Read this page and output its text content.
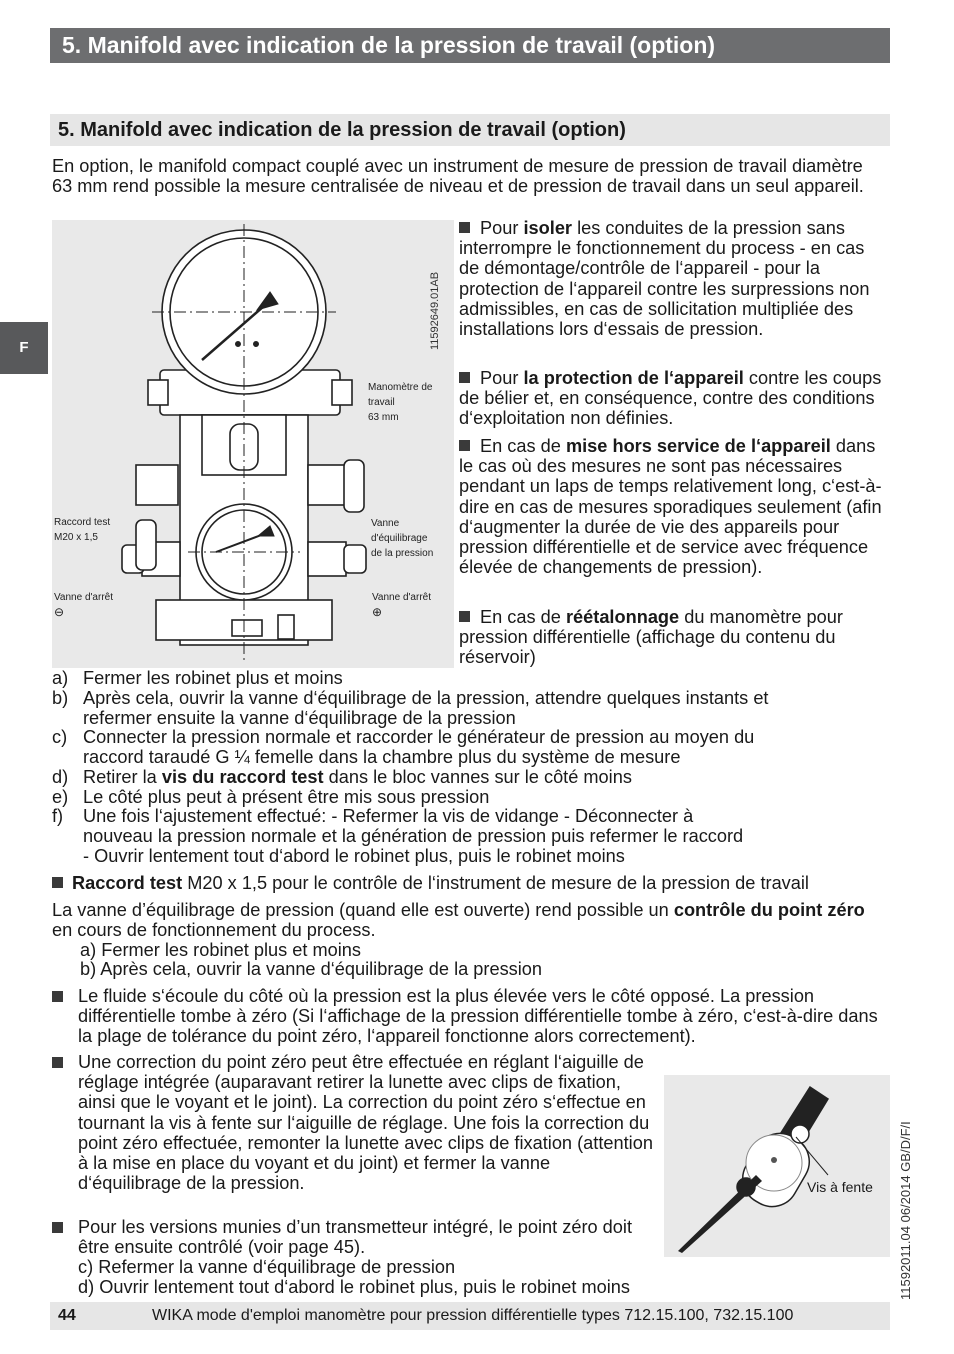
5. Manifold avec indication de la pression de travail (option)
5. Manifold avec indication de la pression de travail (option)
F
En option, le manifold compact couplé avec un instrument de mesure de pression de travail diamètre 63 mm rend possible la mesure centralisée de niveau et de pression de travail dans un seul appareil.
11592649.01AB
Manomètre de
travail
63 mm
Raccord test
M20 x 1,5
Vanne
d'équilibrage
de la pression
Vanne d'arrêt
⊖
Vanne d'arrêt
⊕
Pour isoler les conduites de la pression sans interrompre le fonctionnement du process - en cas de démontage/contrôle de l‘appareil - pour la protection de l‘appareil contre les surpressions non admissibles, en cas de sollicitation multipliée des installations lors d‘essais de pression.
Pour la protection de l‘appareil contre les coups de bélier et, en conséquence, contre des conditions d‘exploitation non définies.
En cas de mise hors service de l‘appareil dans le cas où des mesures ne sont pas nécessaires pendant un laps de temps relativement long, c‘est-à-dire en cas de mesures sporadiques seulement (afin d‘augmenter la durée de vie des appareils pour pression différentielle et de service avec fréquence élevée de changements de pression).
En cas de réétalonnage du manomètre pour pression différentielle (affichage du contenu du réservoir)
a) Fermer les robinet plus et moins
b) Après cela, ouvrir la vanne d‘équilibrage de la pression, attendre quelques instants et
refermer ensuite la vanne d‘équilibrage de la pression
c) Connecter la pression normale et raccorder le générateur de pression au moyen du
raccord taraudé G ¼ femelle dans la chambre plus du système de mesure
d) Retirer la vis du raccord test dans le bloc vannes sur le côté moins
e) Le côté plus peut à présent être mis sous pression
f)	Une fois l‘ajustement effectué: - Refermer la vis de vidange - Déconnecter à
nouveau la pression normale et la génération de pression puis refermer le raccord
- Ouvrir lentement tout d‘abord le robinet plus, puis le robinet moins
Raccord test M20 x 1,5 pour le contrôle de l‘instrument de mesure de la pression de travail
La vanne d’équilibrage de pression (quand elle est ouverte) rend possible un contrôle du point zéro en cours de fonctionnement du process.
a) Fermer les robinet plus et moins
b) Après cela, ouvrir la vanne d‘équilibrage de la pression
Le fluide s‘écoule du côté où la pression est la plus élevée vers le côté opposé. La pression différentielle tombe à zéro (Si l‘affichage de la pression différentielle tombe à zéro, c‘est-à-dire dans la plage de tolérance du point zéro, l‘appareil fonctionne alors correctement).
Une correction du point zéro peut être effectuée en réglant l‘aiguille de réglage intégrée (auparavant retirer la lunette avec clips de fixation, ainsi que le voyant et le joint). La correction du point zéro s‘effectue en tournant la vis à fente sur l‘aiguille de réglage. Une fois la correction du point zéro effectuée, remonter la lunette avec clips de fixation (attention à la mise en place du voyant et du joint) et fermer la vanne d‘équilibrage de la pression.
Pour les versions munies d’un transmetteur intégré, le point zéro doit être ensuite contrôlé (voir page 45).
c) Refermer la vanne d‘équilibrage de pression
d) Ouvrir lentement tout d‘abord le robinet plus, puis le robinet moins
Vis à fente 11592011.04 06/2014 GB/D/F/I
44	WIKA mode d'emploi manomètre pour pression différentielle types 712.15.100, 732.15.100
